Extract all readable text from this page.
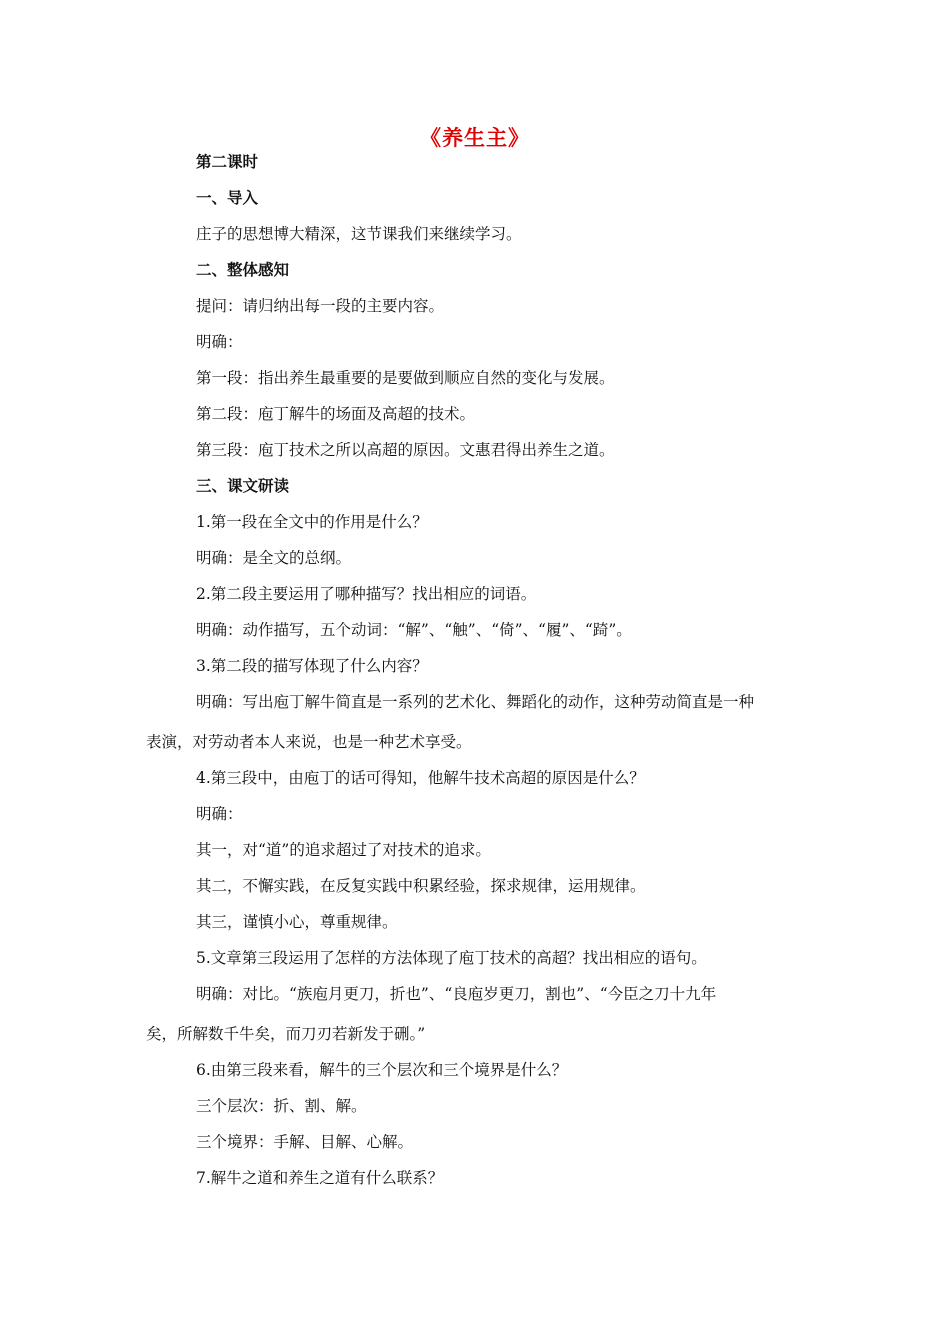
《养生主》
第二课时
一、导入
庄子的思想博大精深，这节课我们来继续学习。
二、整体感知
提问：请归纳出每一段的主要内容。
明确：
第一段：指出养生最重要的是要做到顺应自然的变化与发展。
第二段：庖丁解牛的场面及高超的技术。
第三段：庖丁技术之所以高超的原因。文惠君得出养生之道。
三、课文研读
1.第一段在全文中的作用是什么？
明确：是全文的总纲。
2.第二段主要运用了哪种描写？找出相应的词语。
明确：动作描写，五个动词：“解”、“触”、“倚”、“履”、“踦”。
3.第二段的描写体现了什么内容？
明确：写出庖丁解牛简直是一系列的艺术化、舞蹈化的动作，这种劳动简直是一种
表演，对劳动者本人来说，也是一种艺术享受。
4.第三段中，由庖丁的话可得知，他解牛技术高超的原因是什么？
明确：
其一，对“道”的追求超过了对技术的追求。
其二，不懈实践，在反复实践中积累经验，探求规律，运用规律。
其三，谨慎小心，尊重规律。
5.文章第三段运用了怎样的方法体现了庖丁技术的高超？找出相应的语句。
明确：对比。“族庖月更刀，折也”、“良庖岁更刀，割也”、“今臣之刀十九年
矣，所解数千牛矣，而刀刃若新发于硎。”
6.由第三段来看，解牛的三个层次和三个境界是什么？
三个层次：折、割、解。
三个境界：手解、目解、心解。
7.解牛之道和养生之道有什么联系？
